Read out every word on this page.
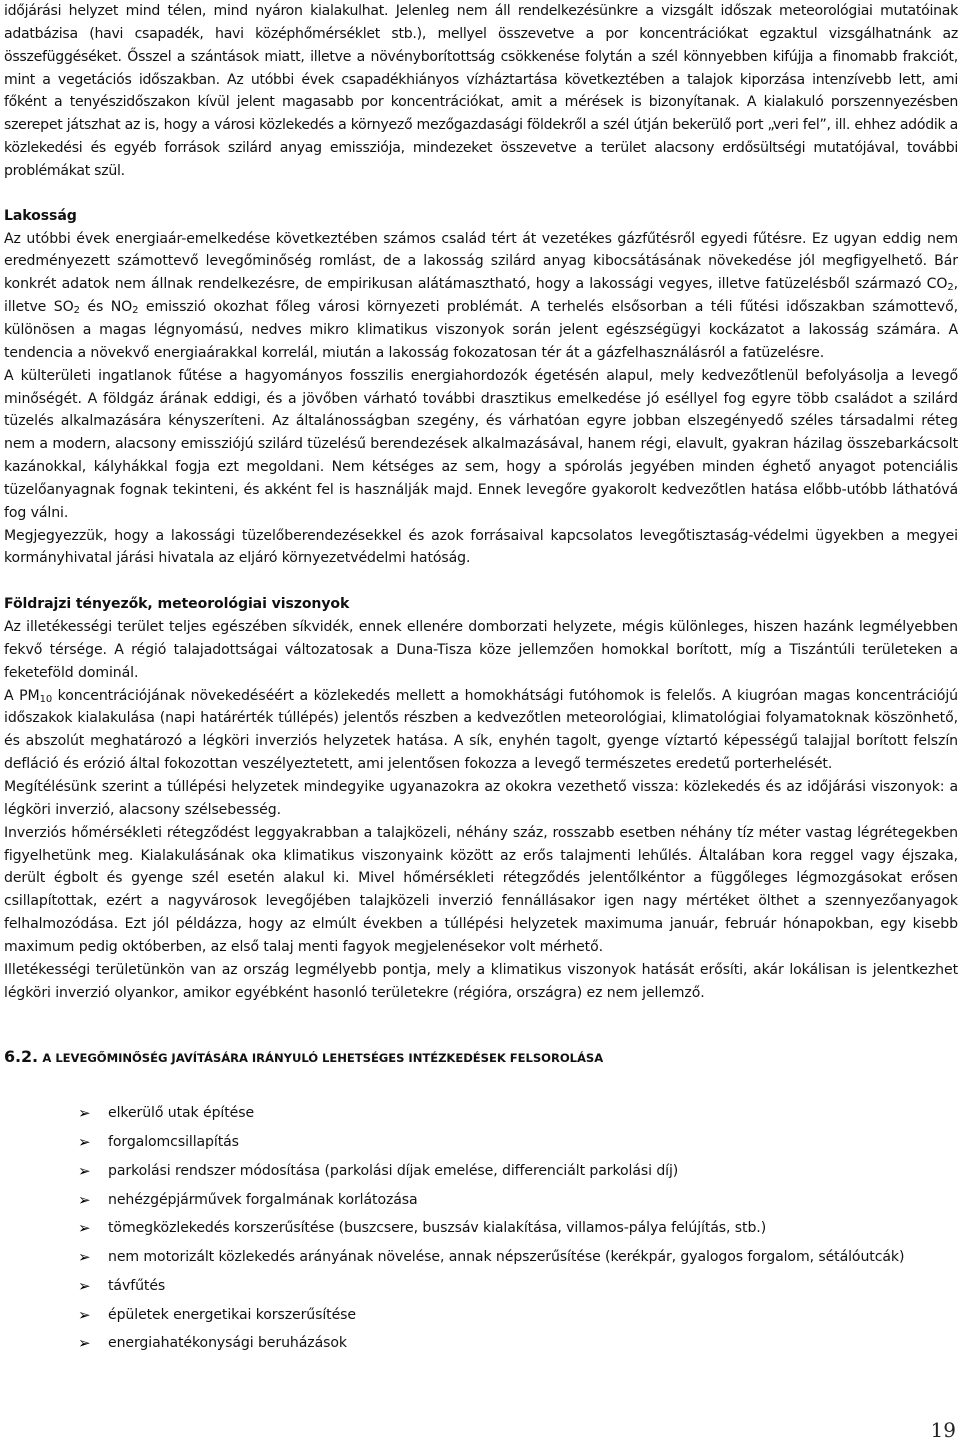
időjárási helyzet mind télen, mind nyáron kialakulhat. Jelenleg nem áll rendelkezésünkre a vizsgált időszak meteorológiai mutatóinak adatbázisa (havi csapadék, havi középhőmérséklet stb.), mellyel összevetve a por koncentrációkat egzaktul vizsgálhatnánk az összefüggéséket. Ősszel a szántások miatt, illetve a növényborítottság csökkenése folytán a szél könnyebben kifújja a finomabb frakciót, mint a vegetációs időszakban. Az utóbbi évek csapadékhiányos vízháztartása következtében a talajok kiporzása intenzívebb lett, ami főként a tenyészidőszakon kívül jelent magasabb por koncentrációkat, amit a mérések is bizonyítanak. A kialakuló porszennyezésben szerepet játszhat az is, hogy a városi közlekedés a környező mezőgazdasági földekről a szél útján bekerülő port „veri fel”, ill. ehhez adódik a közlekedési és egyéb források szilárd anyag emissziója, mindezeket összevetve a terület alacsony erdősültségi mutatójával, további problémákat szül.

Lakosság

Az utóbbi évek energiaár-emelkedése következtében számos család tért át vezetékes gázfűtésről egyedi fűtésre. Ez ugyan eddig nem eredményezett számottevő levegőminőség romlást, de a lakosság szilárd anyag kibocsátásának növekedése jól megfigyelhető. Bár konkrét adatok nem állnak rendelkezésre, de empirikusan alátámasztható, hogy a lakossági vegyes, illetve fatüzelésből származó $CO_2$, illetve $SO_2$ és $NO_2$ emisszió okozhat főleg városi környezeti problémát. A terhelés elsősorban a téli fűtési időszakban számottevő, különösen a magas légnyomású, nedves mikro klimatikus viszonyok során jelent egészségügyi kockázatot a lakosság számára. A tendencia a növekvő energiaárakkal korrelál, miután a lakosság fokozatosan tér át a gázfelhasználásról a fatüzelésre.

A külterületi ingatlanok fűtése a hagyományos fosszilis energiahordozók égetésén alapul, mely kedvezőtlenül befolyásolja a levegő minőségét. A földgáz árának eddigi, és a jövőben várható további drasztikus emelkedése jó eséllyel fog egyre több családot a szilárd tüzelés alkalmazására kényszeríteni. Az általánosságban szegény, és várhatóan egyre jobban elszegényedő széles társadalmi réteg nem a modern, alacsony emissziójú szilárd tüzelésű berendezések alkalmazásával, hanem régi, elavult, gyakran házilag összebarkácsolt kazánokkal, kályhákkal fogja ezt megoldani. Nem kétséges az sem, hogy a spórolás jegyében minden éghető anyagot potenciális tüzelőanyagnak fognak tekinteni, és akként fel is használják majd. Ennek levegőre gyakorolt kedvezőtlen hatása előbb-utóbb láthatóvá fog válni.

Megjegyezzük, hogy a lakossági tüzelőberendezésekkel és azok forrásaival kapcsolatos levegőtisztaság-védelmi ügyekben a megyei kormányhivatal járási hivatala az eljáró környezetvédelmi hatóság.

Földrajzi tényezők, meteorológiai viszonyok

Az illetékességi terület teljes egészében síkvidék, ennek ellenére domborzati helyzete, mégis különleges, hiszen hazánk legmélyebben fekvő térsége. A régió talajadottságai változatosak a Duna-Tisza köze jellemzően homokkal borított, míg a Tiszántúli területeken a feketeföld dominál.

A $PM_{10}$ koncentrációjának növekedéséért a közlekedés mellett a homokhátsági futóhomok is felelős. A kiugróan magas koncentrációjú időszakok kialakulása (napi határérték túllépés) jelentős részben a kedvezőtlen meteorológiai, klimatológiai folyamatoknak köszönhető, és abszolút meghatározó a légköri inverziós helyzetek hatása. A sík, enyhén tagolt, gyenge víztartó képességű talajjal borított felszín defláció és erózió által fokozottan veszélyeztetett, ami jelentősen fokozza a levegő természetes eredetű porterhelését.

Megítélésünk szerint a túllépési helyzetek mindegyike ugyanazokra az okokra vezethető vissza: közlekedés és az időjárási viszonyok: a légköri inverzió, alacsony szélsebesség.

Inverziós hőmérsékleti rétegződést leggyakrabban a talajközeli, néhány száz, rosszabb esetben néhány tíz méter vastag légrétegekben figyelhetünk meg. Kialakulásának oka klimatikus viszonyaink között az erős talajmenti lehűlés. Általában kora reggel vagy éjszaka, derült égbolt és gyenge szél esetén alakul ki. Mivel hőmérsékleti rétegződés jelentőlkéntor a függőleges légmozgásokat erősen csillapítottak, ezért a nagyvárosok levegőjében talajközeli inverzió fennállásakor igen nagy mértéket ölthet a szennyezőanyagok felhalmozódása. Ezt jól példázza, hogy az elmúlt években a túllépési helyzetek maximuma január, február hónapokban, egy kisebb maximum pedig októberben, az első talaj menti fagyok megjelenésekor volt mérhető.

Illetékességi területünkön van az ország legmélyebb pontja, mely a klimatikus viszonyok hatását erősíti, akár lokálisan is jelentkezhet légköri inverzió olyankor, amikor egyébként hasonló területekre (régióra, országra) ez nem jellemző.

6.2. A LEVEGŐMINŐSÉG JAVÍTÁSÁRA IRÁNYULÓ LEHETSÉGES INTÉZKEDÉSEK FELSOROLÁSA

➢ elkerülő utak építése
➢ forgalomcsillapítás
➢ parkolási rendszer módosítása (parkolási díjak emelése, differenciált parkolási díj)
➢ nehézgépjárművek forgalmának korlátozása
➢ tömegközlekedés korszerűsítése (buszcsere, buszsáv kialakítása, villamos-pálya felújítás, stb.)
➢ nem motorizált közlekedés arányának növelése, annak népszerűsítése (kerékpár, gyalogos forgalom, sétálóutcák)
➢ távfűtés
➢ épületek energetikai korszerűsítése
➢ energiahatékonysági beruházások
19
